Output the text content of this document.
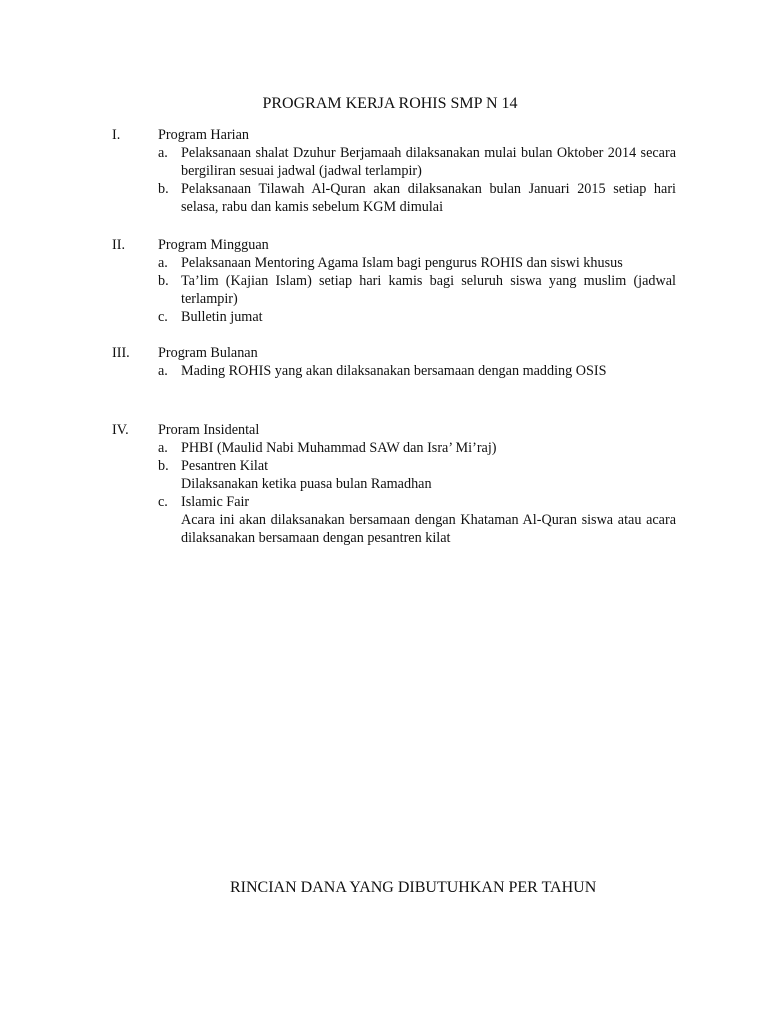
PROGRAM KERJA ROHIS SMP N 14
I.	Program Harian
a. Pelaksanaan shalat Dzuhur Berjamaah dilaksanakan mulai bulan Oktober 2014 secara bergiliran sesuai jadwal (jadwal terlampir)
b. Pelaksanaan Tilawah Al-Quran akan dilaksanakan bulan Januari 2015 setiap hari selasa, rabu dan kamis sebelum KGM dimulai
II. Program Mingguan
a. Pelaksanaan Mentoring Agama Islam bagi pengurus ROHIS dan siswi khusus
b. Ta’lim (Kajian Islam) setiap hari kamis bagi seluruh siswa yang muslim (jadwal terlampir)
c. Bulletin jumat
III. Program Bulanan
a. Mading ROHIS yang akan dilaksanakan bersamaan dengan madding OSIS
IV. Proram Insidental
a. PHBI (Maulid Nabi Muhammad SAW dan Isra’ Mi’raj)
b. Pesantren Kilat
Dilaksanakan ketika puasa bulan Ramadhan
c. Islamic Fair
Acara ini akan dilaksanakan bersamaan dengan Khataman Al-Quran siswa atau acara dilaksanakan bersamaan dengan pesantren kilat
RINCIAN DANA YANG DIBUTUHKAN PER TAHUN
